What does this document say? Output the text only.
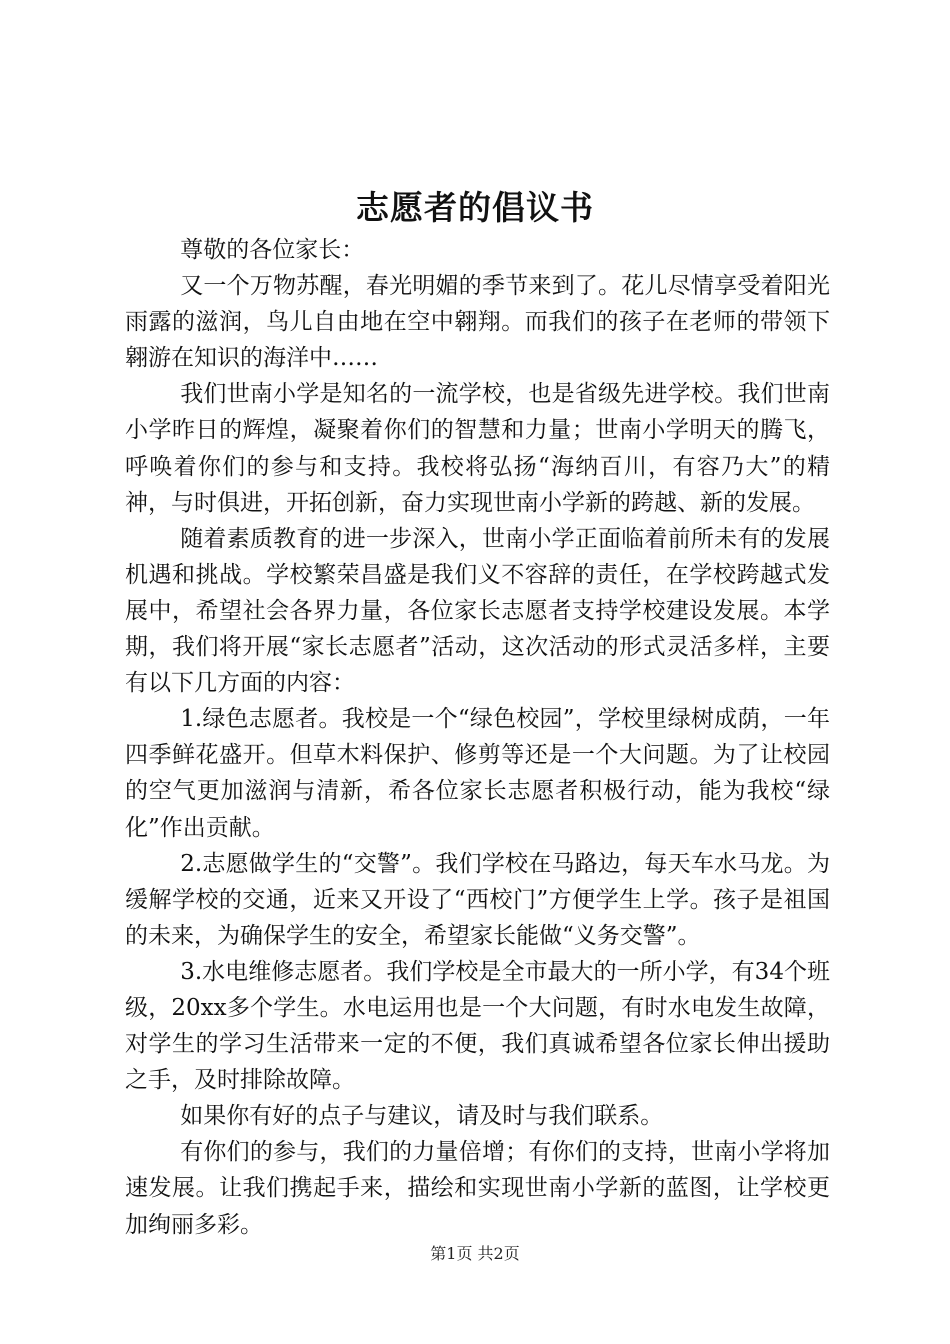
志愿者的倡议书

尊敬的各位家长：

又一个万物苏醒，春光明媚的季节来到了。花儿尽情享受着阳光雨露的滋润，鸟儿自由地在空中翱翔。而我们的孩子在老师的带领下翱游在知识的海洋中……

我们世南小学是知名的一流学校，也是省级先进学校。我们世南小学昨日的辉煌，凝聚着你们的智慧和力量；世南小学明天的腾飞，呼唤着你们的参与和支持。我校将弘扬“海纳百川，有容乃大”的精神，与时俱进，开拓创新，奋力实现世南小学新的跨越、新的发展。

随着素质教育的进一步深入，世南小学正面临着前所未有的发展机遇和挑战。学校繁荣昌盛是我们义不容辞的责任，在学校跨越式发展中，希望社会各界力量，各位家长志愿者支持学校建设发展。本学期，我们将开展“家长志愿者”活动，这次活动的形式灵活多样，主要有以下几方面的内容：

1.绿色志愿者。我校是一个“绿色校园”，学校里绿树成荫，一年四季鲜花盛开。但草木料保护、修剪等还是一个大问题。为了让校园的空气更加滋润与清新，希各位家长志愿者积极行动，能为我校“绿化”作出贡献。

2.志愿做学生的“交警”。我们学校在马路边，每天车水马龙。为缓解学校的交通，近来又开设了“西校门”方便学生上学。孩子是祖国的未来，为确保学生的安全，希望家长能做“义务交警”。

3.水电维修志愿者。我们学校是全市最大的一所小学，有34个班级，20xx多个学生。水电运用也是一个大问题，有时水电发生故障，对学生的学习生活带来一定的不便，我们真诚希望各位家长伸出援助之手，及时排除故障。

如果你有好的点子与建议，请及时与我们联系。

有你们的参与，我们的力量倍增；有你们的支持，世南小学将加速发展。让我们携起手来，描绘和实现世南小学新的蓝图，让学校更加绚丽多彩。

第1页 共2页
